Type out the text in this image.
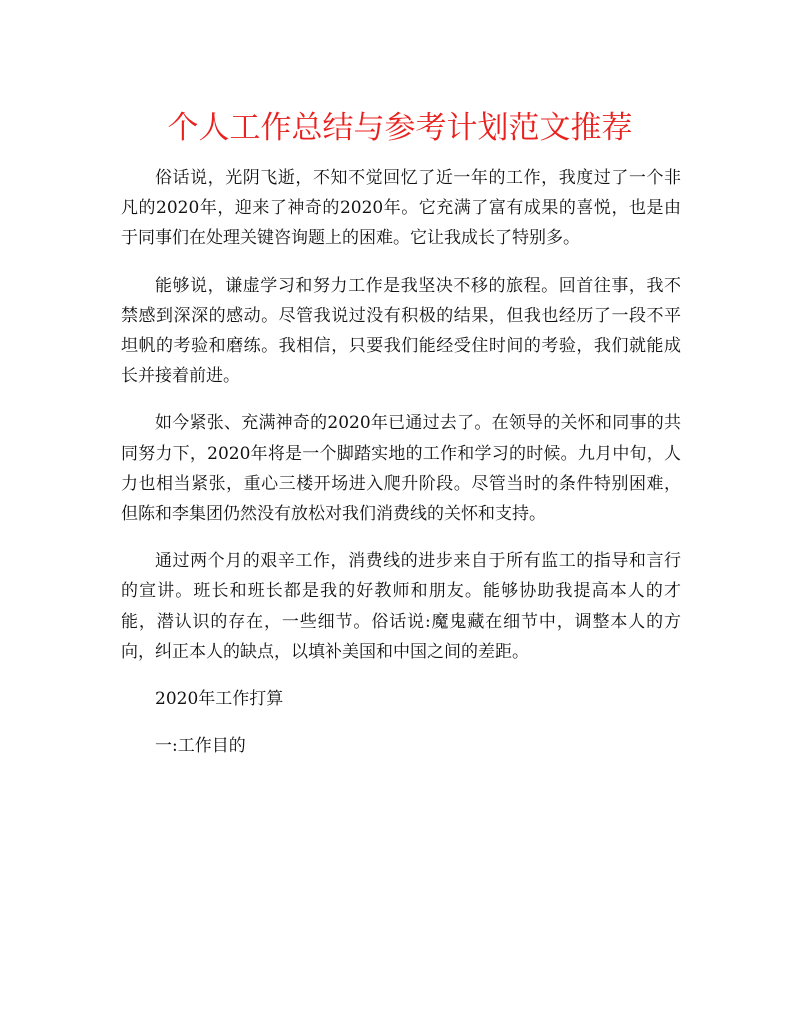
个人工作总结与参考计划范文推荐

俗话说，光阴飞逝，不知不觉回忆了近一年的工作，我度过了一个非凡的2020年，迎来了神奇的2020年。它充满了富有成果的喜悦，也是由于同事们在处理关键咨询题上的困难。它让我成长了特别多。

能够说，谦虚学习和努力工作是我坚决不移的旅程。回首往事，我不禁感到深深的感动。尽管我说过没有积极的结果，但我也经历了一段不平坦帆的考验和磨练。我相信，只要我们能经受住时间的考验，我们就能成长并接着前进。

如今紧张、充满神奇的2020年已通过去了。在领导的关怀和同事的共同努力下，2020年将是一个脚踏实地的工作和学习的时候。九月中旬，人力也相当紧张，重心三楼开场进入爬升阶段。尽管当时的条件特别困难，但陈和李集团仍然没有放松对我们消费线的关怀和支持。

通过两个月的艰辛工作，消费线的进步来自于所有监工的指导和言行的宣讲。班长和班长都是我的好教师和朋友。能够协助我提高本人的才能，潜认识的存在，一些细节。俗话说:魔鬼藏在细节中，调整本人的方向，纠正本人的缺点，以填补美国和中国之间的差距。

2020年工作打算

一:工作目的
